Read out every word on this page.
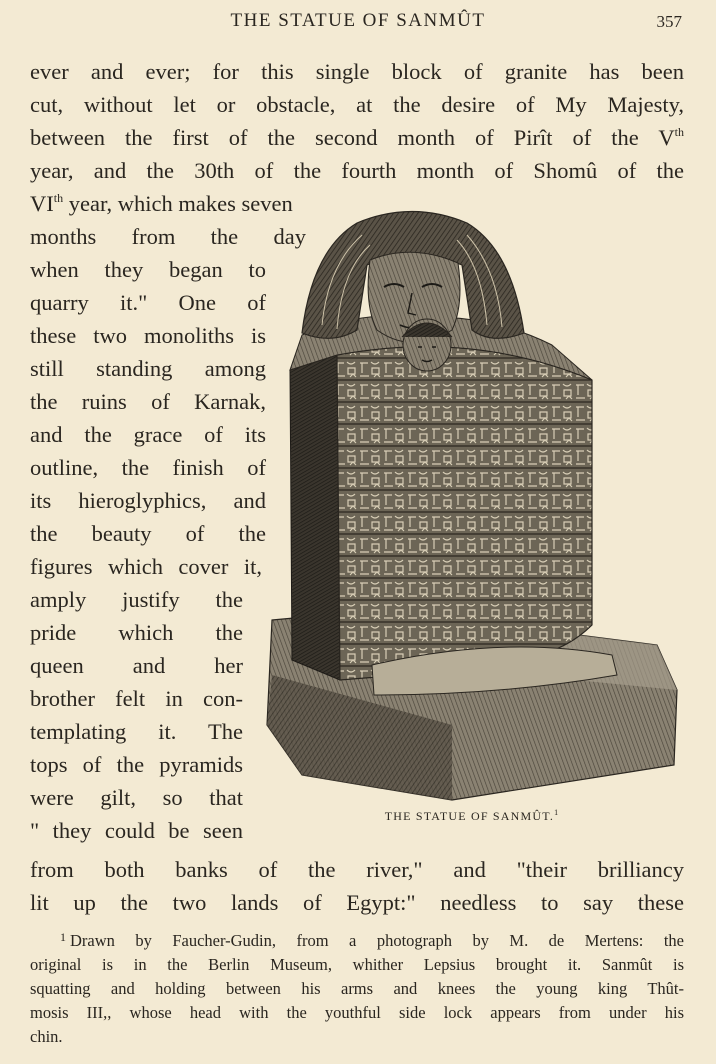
THE STATUE OF SANMÛT	357

ever and ever; for this single block of granite has been

cut, without let or obstacle, at the desire of My Majesty,

between the first of the second month of Pirît of the Vth

year, and the 30th of the fourth month of Shomû of the

VIth year, which makes seven

months from the day

when they began to

quarry it." One of

these two monoliths is

still standing among

the ruins of Karnak,

and the grace of its

outline, the finish of

its hieroglyphics, and

the beauty of the

figures which cover it,

amply justify the

pride which the

queen and her

brother felt in con-

templating it. The

tops of the pyramids

were gilt, so that

" they could be seen

from both banks of the river," and "their brilliancy

lit up the two lands of Egypt:" needless to say these

THE STATUE OF SANMÛT.$^1$

$^1$ Drawn by Faucher-Gudin, from a photograph by M. de Mertens: the

original is in the Berlin Museum, whither Lepsius brought it. Sanmût is

squatting and holding between his arms and knees the young king Thût-

mosis III,, whose head with the youthful side lock appears from under his

chin.
